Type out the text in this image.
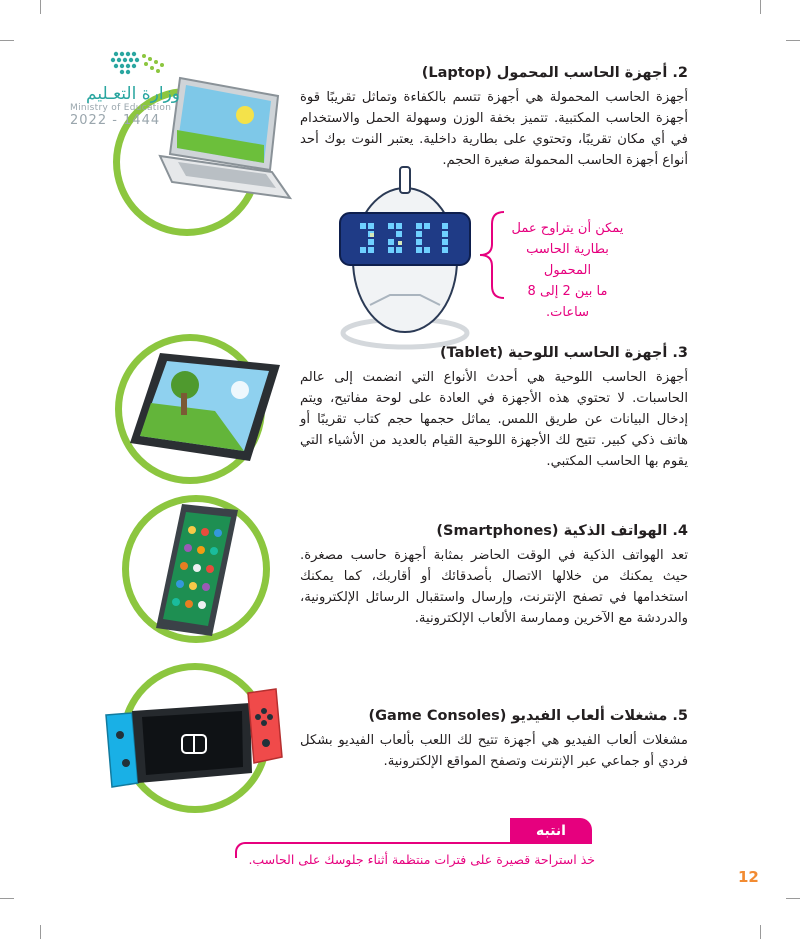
وزارة التعـليم
Ministry of Education
2022 - 1444
2. أجهزة الحاسب المحمول (Laptop)

أجهزة الحاسب المحمولة هي أجهزة تتسم بالكفاءة وتماثل تقريبًا قوة أجهزة الحاسب المكتبية. تتميز بخفة الوزن وسهولة الحمل والاستخدام في أي مكان تقريبًا، وتحتوي على بطارية داخلية. يعتبر النوت بوك أحد أنواع أجهزة الحاسب المحمولة صغيرة الحجم.

يمكن أن يتراوح عمل
بطارية الحاسب المحمول
ما بين 2 إلى 8 ساعات.
3. أجهزة الحاسب اللوحية (Tablet)

أجهزة الحاسب اللوحية هي أحدث الأنواع التي انضمت إلى عالم الحاسبات. لا تحتوي هذه الأجهزة في العادة على لوحة مفاتيح، ويتم إدخال البيانات عن طريق اللمس. يماثل حجمها حجم كتاب تقريبًا أو هاتف ذكي كبير. تتيح لك الأجهزة اللوحية القيام بالعديد من الأشياء التي يقوم بها الحاسب المكتبي.

4. الهواتف الذكية (Smartphones)

تعد الهواتف الذكية في الوقت الحاضر بمثابة أجهزة حاسب مصغرة. حيث يمكنك من خلالها الاتصال بأصدقائك أو أقاربك، كما يمكنك استخدامها في تصفح الإنترنت، وإرسال واستقبال الرسائل الإلكترونية، والدردشة مع الآخرين وممارسة الألعاب الإلكترونية.

5. مشغلات ألعاب الفيديو (Game Consoles)

مشغلات ألعاب الفيديو هي أجهزة تتيح لك اللعب بألعاب الفيديو بشكل فردي أو جماعي عبر الإنترنت وتصفح المواقع الإلكترونية.

انتبه
خذ استراحة قصيرة على فترات منتظمة أثناء جلوسك على الحاسب.
12
